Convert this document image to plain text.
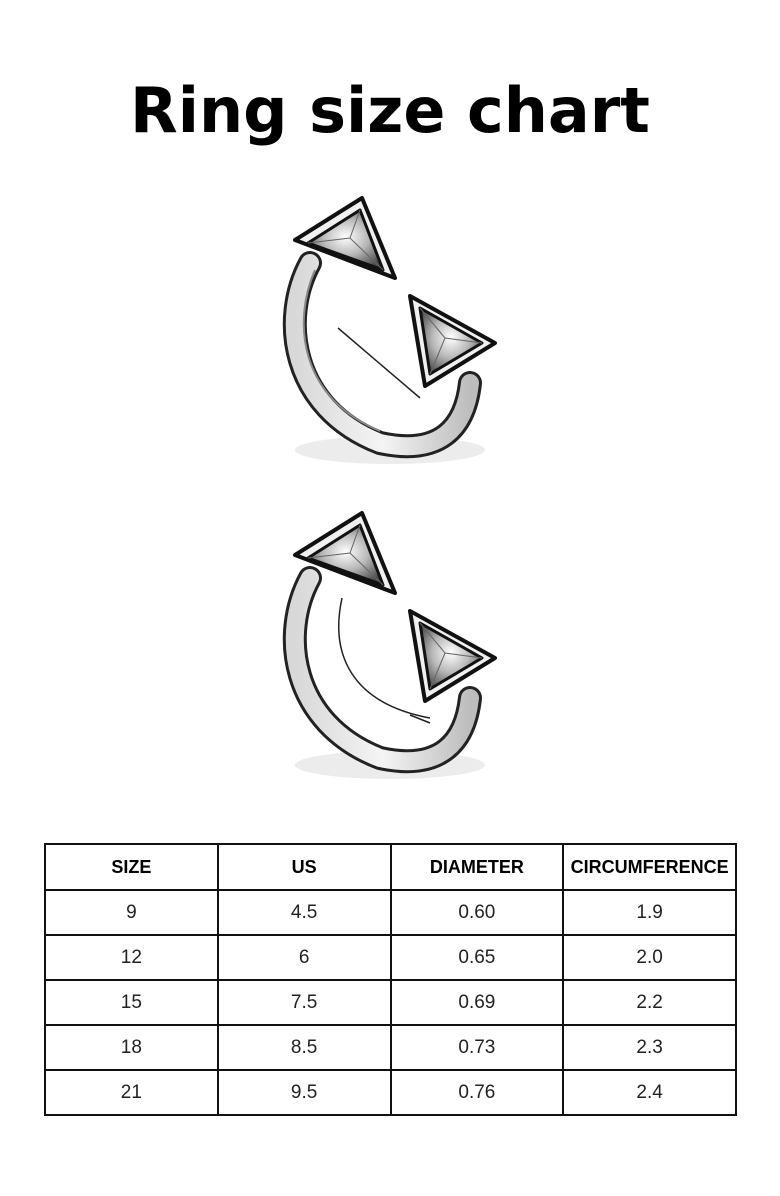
Ring size chart
SIZE	US	DIAMETER	CIRCUMFERENCE
9	4.5	0.60	1.9
12	6	0.65	2.0
15	7.5	0.69	2.2
18	8.5	0.73	2.3
21	9.5	0.76	2.4
